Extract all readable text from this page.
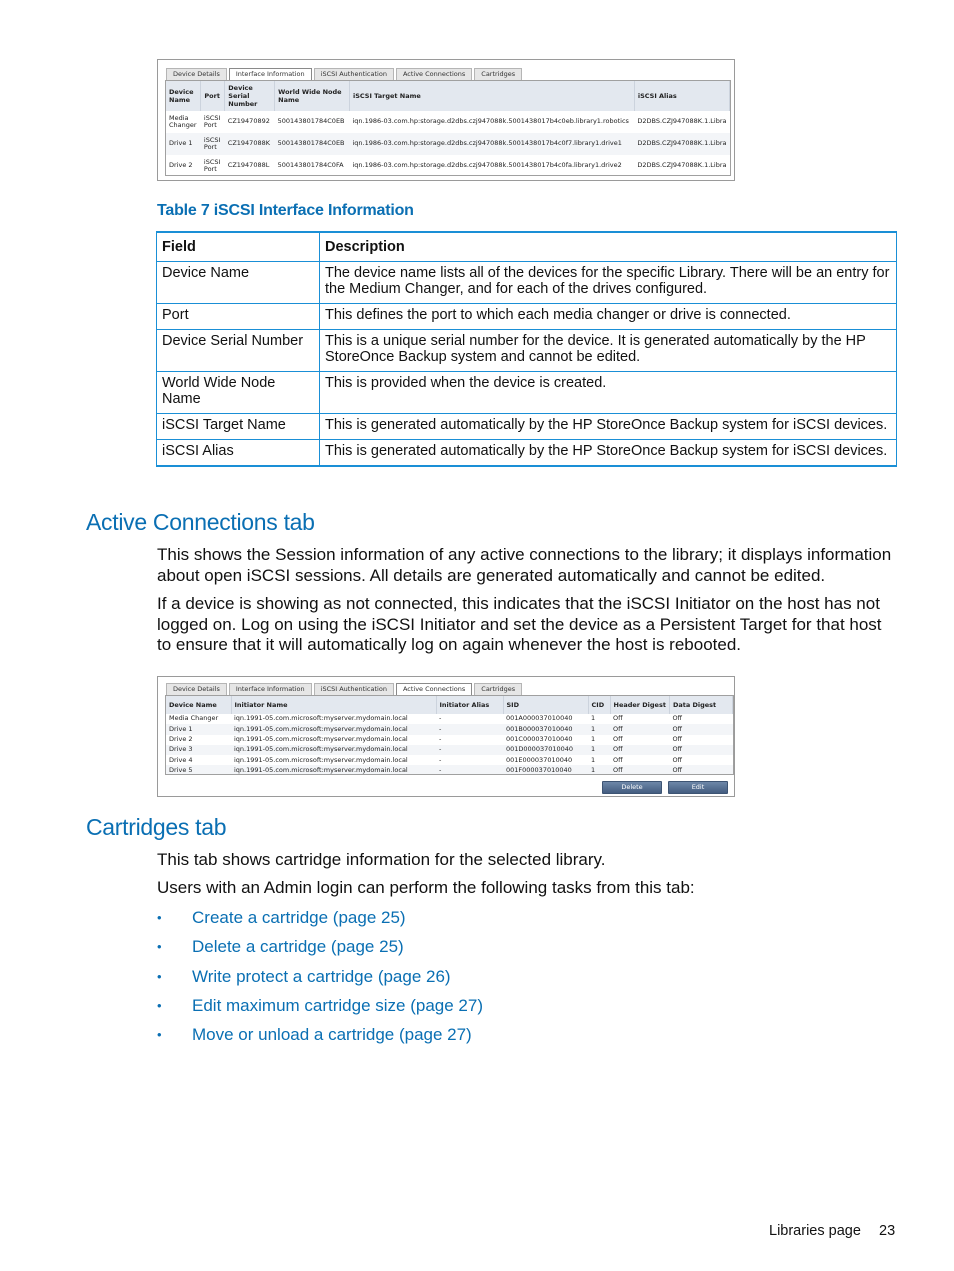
Device Details	Interface Information	iSCSI Authentication	Active Connections	Cartridges
Device Name	Port	Device Serial Number	World Wide Node Name	iSCSI Target Name	iSCSI Alias
Media Changer	iSCSI Port	CZ19470892	500143801784C0EB	iqn.1986-03.com.hp:storage.d2dbs.czj947088k.5001438017b4c0eb.library1.robotics	D2DBS.CZJ947088K.1.Libra
Drive 1	iSCSI Port	CZ1947088K	500143801784C0EB	iqn.1986-03.com.hp:storage.d2dbs.czj947088k.5001438017b4c0f7.library1.drive1	D2DBS.CZJ947088K.1.Libra
Drive 2	iSCSI Port	CZ1947088L	500143801784C0FA	iqn.1986-03.com.hp:storage.d2dbs.czj947088k.5001438017b4c0fa.library1.drive2	D2DBS.CZJ947088K.1.Libra
Table 7 iSCSI Interface Information
Field	Description
Device Name	The device name lists all of the devices for the specific Library. There will be an entry for the Medium Changer, and for each of the drives configured.
Port	This defines the port to which each media changer or drive is connected.
Device Serial Number	This is a unique serial number for the device. It is generated automatically by the HP StoreOnce Backup system and cannot be edited.
World Wide Node Name	This is provided when the device is created.
iSCSI Target Name	This is generated automatically by the HP StoreOnce Backup system for iSCSI devices.
iSCSI Alias	This is generated automatically by the HP StoreOnce Backup system for iSCSI devices.
Active Connections tab

This shows the Session information of any active connections to the library; it displays information about open iSCSI sessions. All details are generated automatically and cannot be edited.

If a device is showing as not connected, this indicates that the iSCSI Initiator on the host has not logged on. Log on using the iSCSI Initiator and set the device as a Persistent Target for that host to ensure that it will automatically log on again whenever the host is rebooted.

Device Details	Interface Information	iSCSI Authentication	Active Connections	Cartridges
Device Name	Initiator Name	Initiator Alias	SID	CID	Header Digest	Data Digest
Media Changer	iqn.1991-05.com.microsoft:myserver.mydomain.local	-	001A000037010040	1	Off	Off
Drive 1	iqn.1991-05.com.microsoft:myserver.mydomain.local	-	001B000037010040	1	Off	Off
Drive 2	iqn.1991-05.com.microsoft:myserver.mydomain.local	-	001C000037010040	1	Off	Off
Drive 3	iqn.1991-05.com.microsoft:myserver.mydomain.local	-	001D000037010040	1	Off	Off
Drive 4	iqn.1991-05.com.microsoft:myserver.mydomain.local	-	001E000037010040	1	Off	Off
Drive 5	iqn.1991-05.com.microsoft:myserver.mydomain.local	-	001F000037010040	1	Off	Off
Delete	Edit
Cartridges tab

This tab shows cartridge information for the selected library.

Users with an Admin login can perform the following tasks from this tab:

• Create a cartridge (page 25)
• Delete a cartridge (page 25)
• Write protect a cartridge (page 26)
• Edit maximum cartridge size (page 27)
• Move or unload a cartridge (page 27)
Libraries page 23
